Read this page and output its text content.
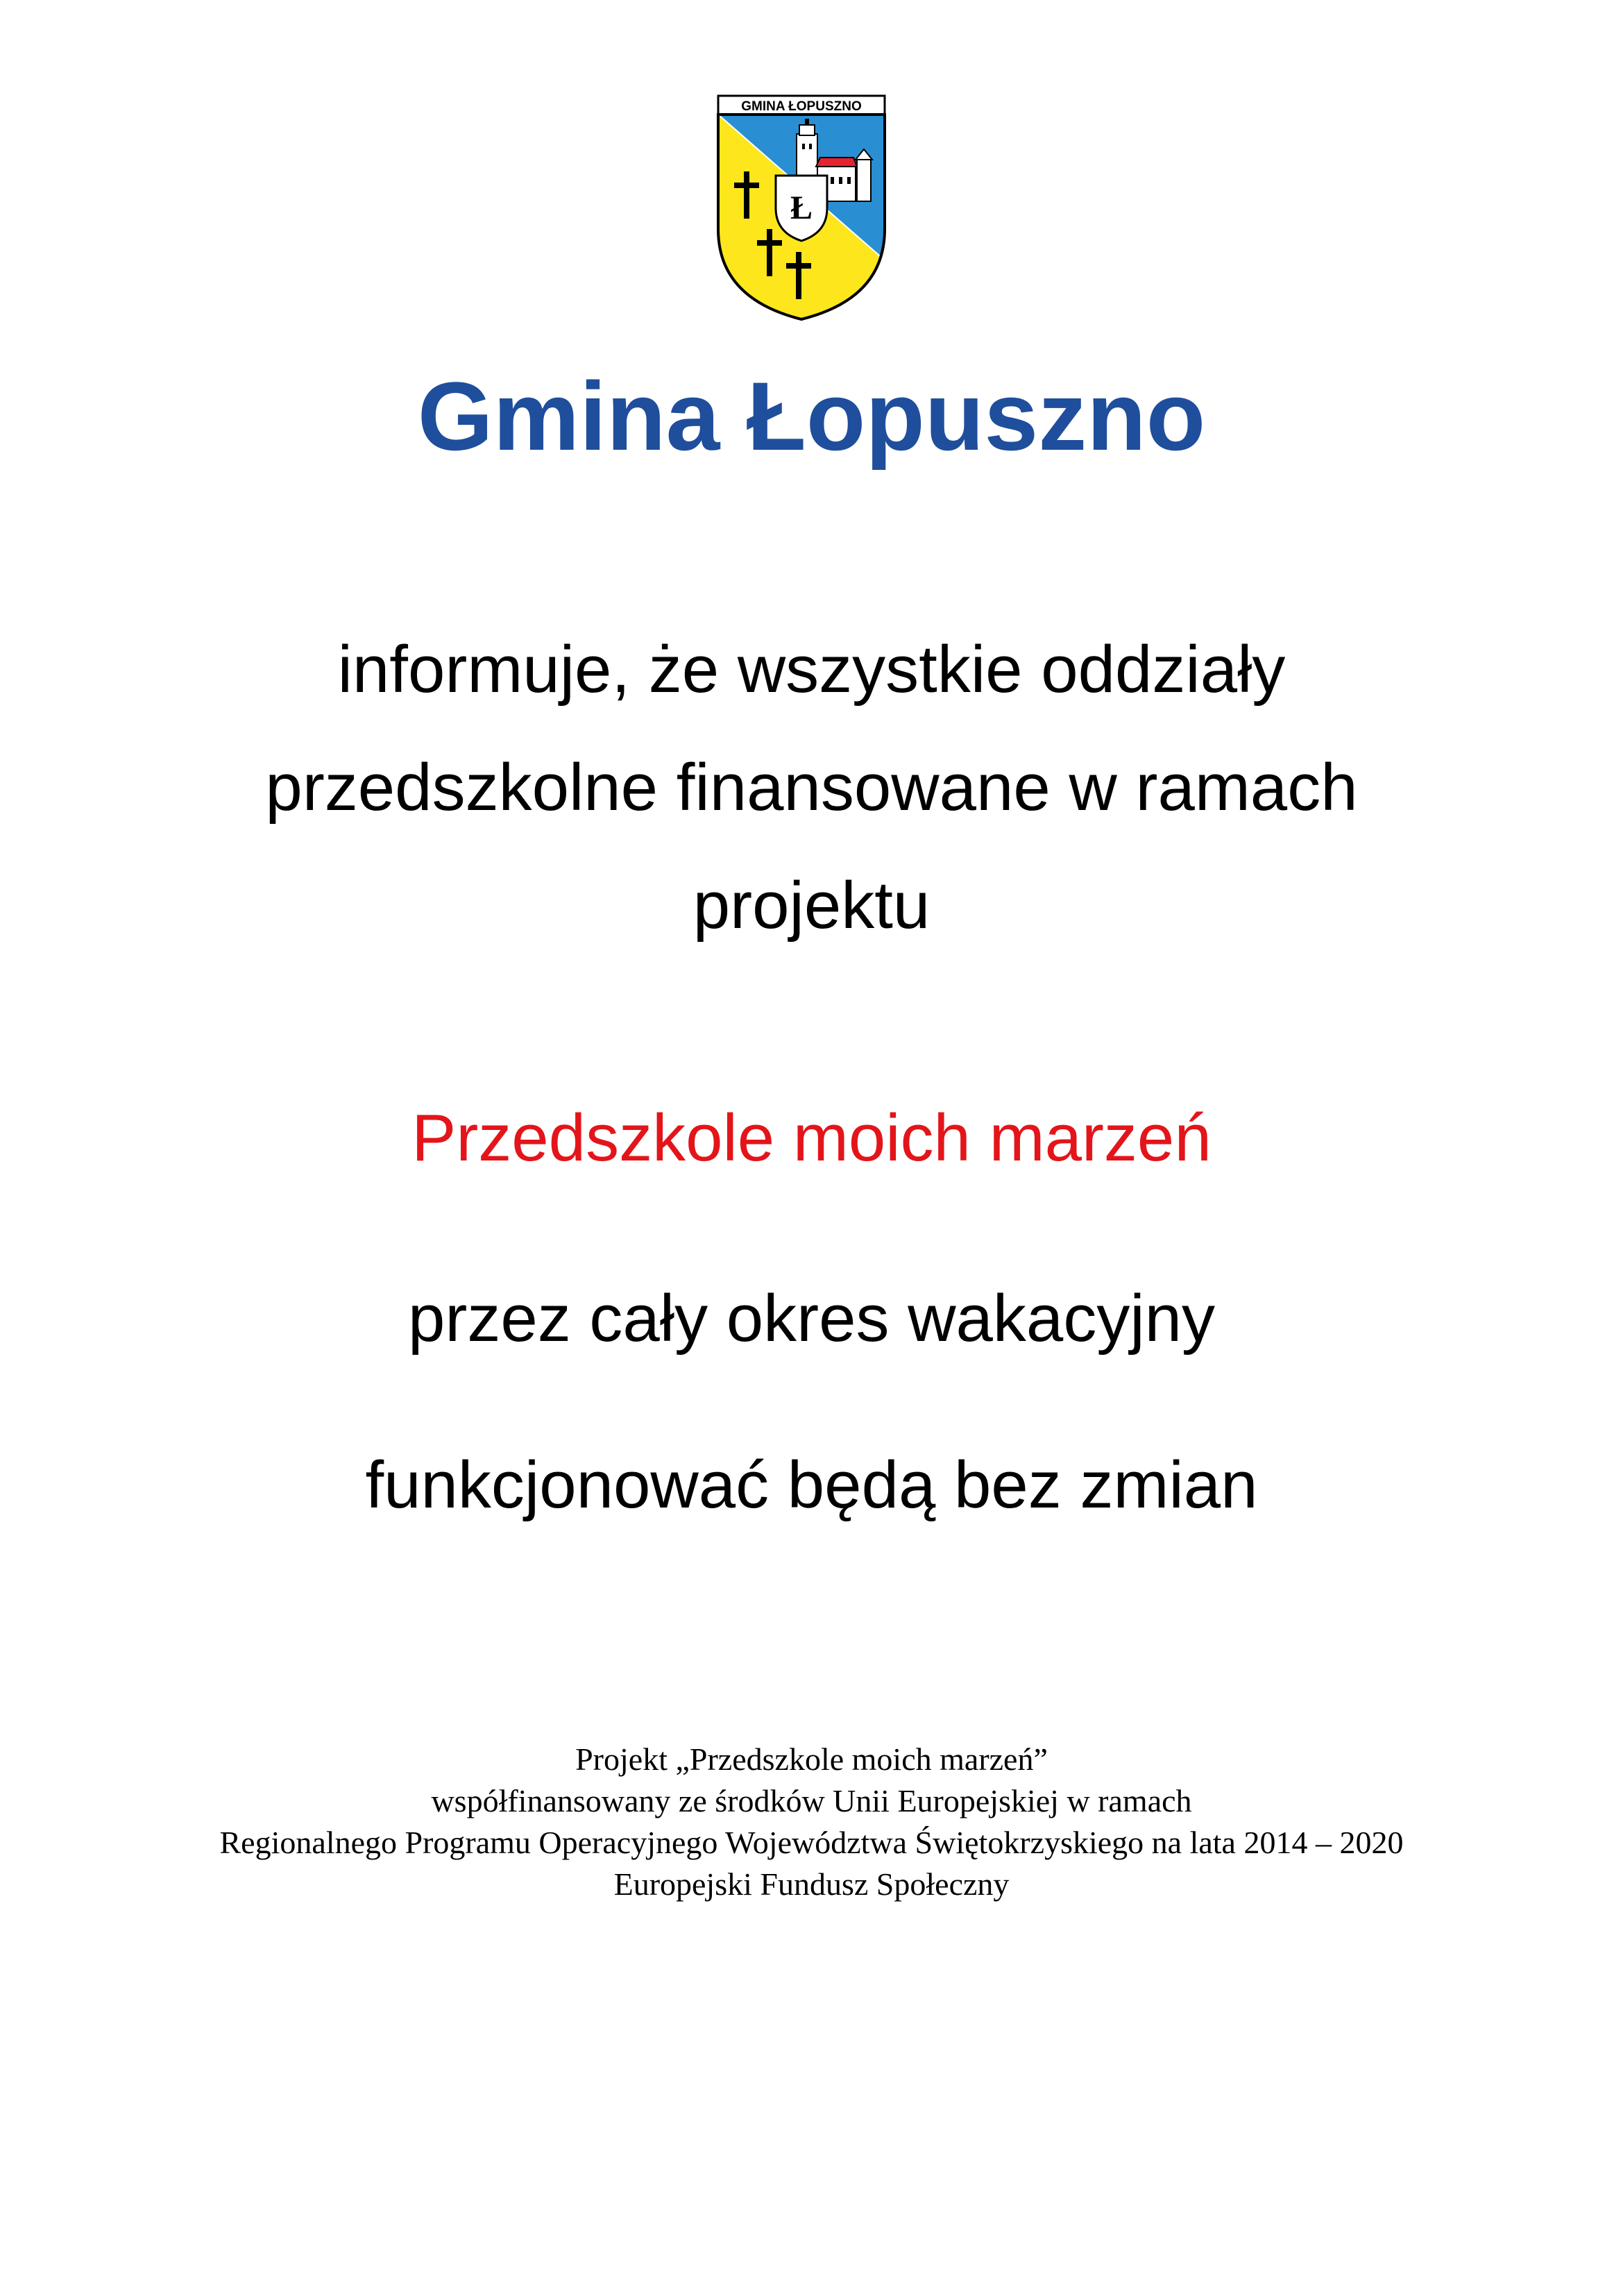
GMINA ŁOPUSZNO
Ł
Gmina Łopuszno

informuje, że wszystkie oddziały

przedszkolne finansowane w ramach

projektu

Przedszkole moich marzeń

przez cały okres wakacyjny

funkcjonować będą bez zmian

Projekt „Przedszkole moich marzeń”
współfinansowany ze środków Unii Europejskiej w ramach
Regionalnego Programu Operacyjnego Województwa Świętokrzyskiego na lata 2014 – 2020
Europejski Fundusz Społeczny
